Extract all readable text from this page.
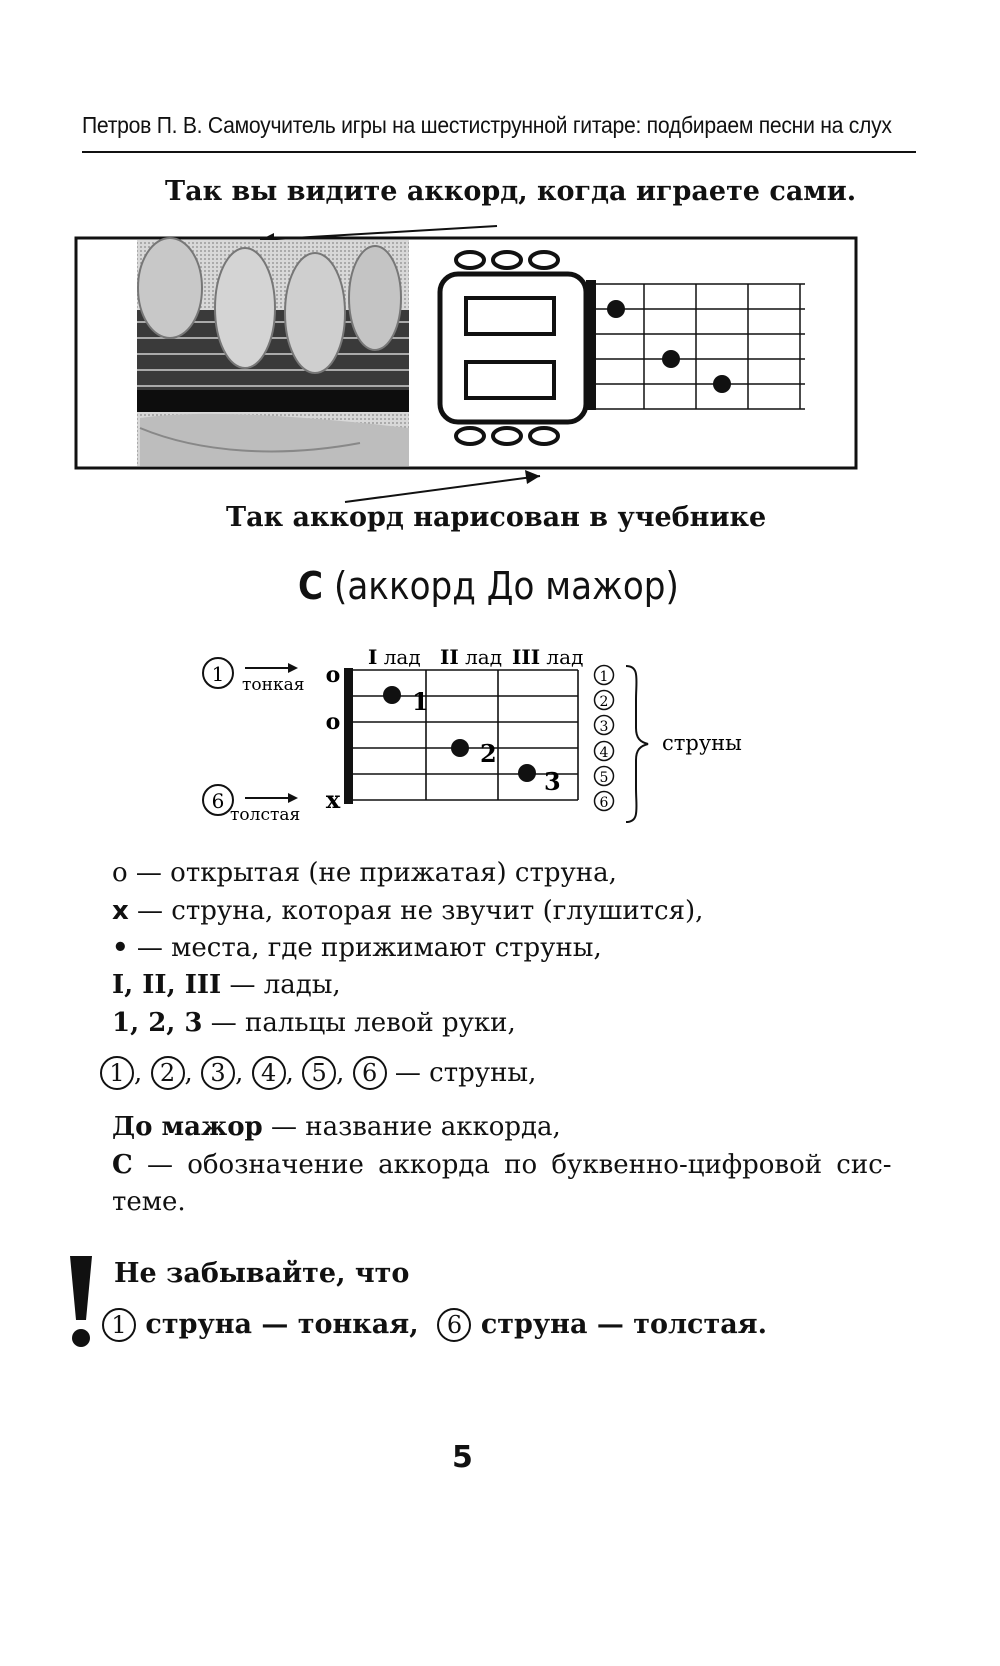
Петров П. В. Самоучитель игры на шестиструнной гитаре: подбираем песни на слух
Так вы видите аккорд, когда играете сами.
Так аккорд нарисован в учебнике
C (аккорд До мажор)
I лад II лад III лад
1 тонкая
6
толстая
o
o
x
1
2
3
1
2
3
4
5
6
струны
о — открытая (не прижатая) струна,
x — струна, которая не звучит (глушится),
• — места, где прижимают струны,
I, II, III — лады,
1, 2, 3 — пальцы левой руки,
1 , 2 , 3 , 4 , 5 , 6 — струны,
До мажор — название аккорда,
С — обозначение аккорда по буквенно-цифровой сис-
теме.
Не забывайте, что
1 струна — тонкая, 6 струна — толстая.
5
